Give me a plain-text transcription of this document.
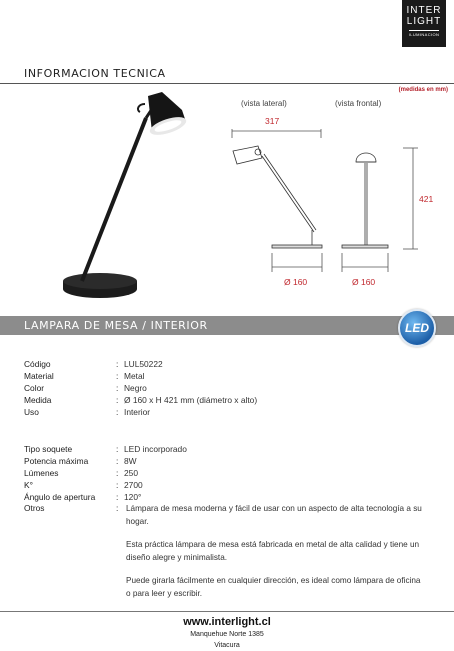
INTER
LIGHT
ILUMINACION
INFORMACION TECNICA
(medidas en mm)
(vista lateral)	(vista frontal)
317
421
Ø 160	Ø 160
LAMPARA DE MESA / INTERIOR	LED
Código	: LUL50222
Material	: Metal
Color	: Negro
Medida	: Ø 160 x H 421 mm (diámetro x alto)
Uso	: Interior
Tipo soquete	: LED incorporado
Potencia máxima	: 8W
Lúmenes	: 250
K°	: 2700
Ángulo de apertura	: 120°
Otros	: Lámpara de mesa moderna y fácil de usar con un aspecto de alta tecnología a su hogar.

Esta práctica lámpara de mesa está fabricada en metal de alta calidad y tiene un diseño alegre y minimalista.

Puede girarla fácilmente en cualquier dirección, es ideal como lámpara de oficina o para leer y escribir.

www.interlight.cl
Manquehue Norte 1385
Vitacura
